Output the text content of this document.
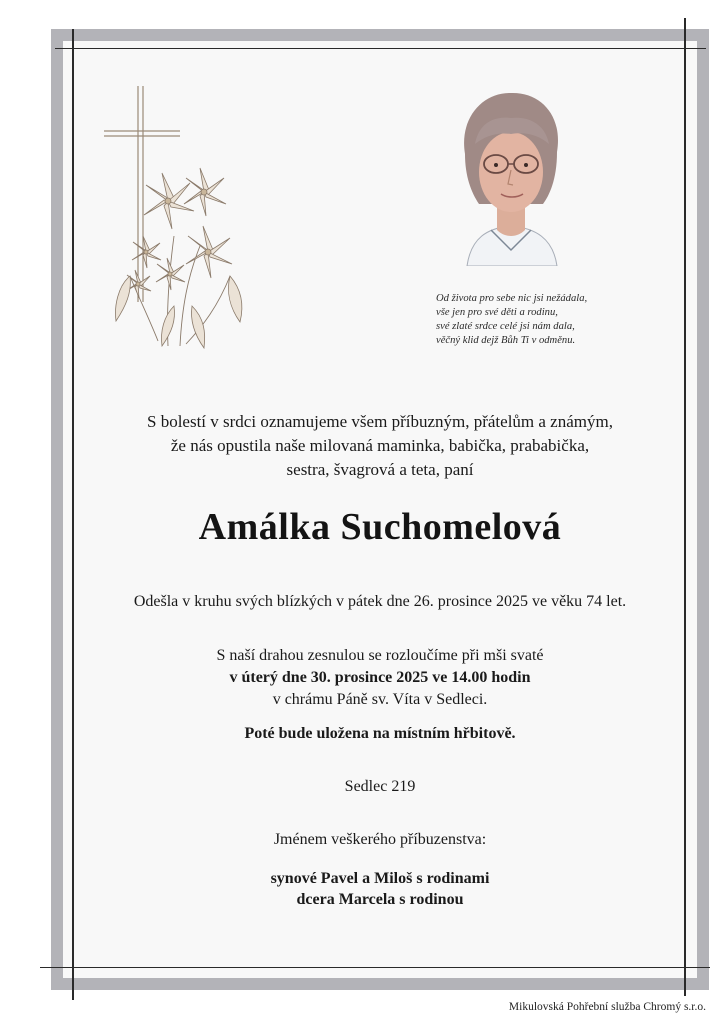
Od života pro sebe nic jsi nežádala,
vše jen pro své děti a rodinu,
své zlaté srdce celé jsi nám dala,
věčný klid dejž Bůh Ti v odměnu.
S bolestí v srdci oznamujeme všem příbuzným, přátelům a známým,
že nás opustila naše milovaná maminka, babička, prababička,
sestra, švagrová a teta, paní
Amálka Suchomelová
Odešla v kruhu svých blízkých v pátek dne 26. prosince 2025 ve věku 74 let.
S naší drahou zesnulou se rozloučíme při mši svaté
v úterý dne 30. prosince 2025 ve 14.00 hodin
v chrámu Páně sv. Víta v Sedleci.
Poté bude uložena na místním hřbitově.
Sedlec 219
Jménem veškerého příbuzenstva:
synové Pavel a Miloš s rodinami
dcera Marcela s rodinou
Mikulovská Pohřební služba Chromý s.r.o.
